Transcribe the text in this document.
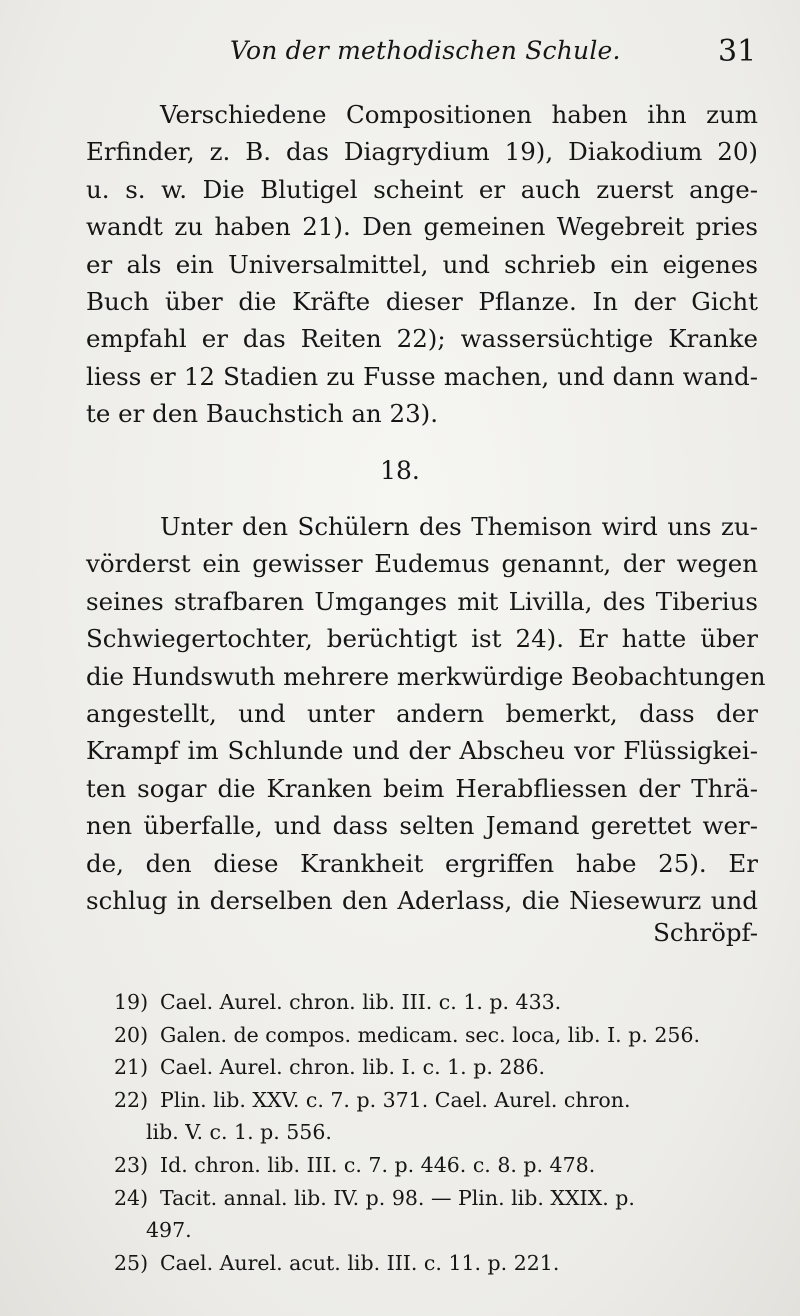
Von der methodischen Schule.	31
Verschiedene Compositionen haben ihn zum
Erfinder, z. B. das Diagrydium 19), Diakodium 20)
u. s. w. Die Blutigel scheint er auch zuerst ange-
wandt zu haben 21). Den gemeinen Wegebreit pries
er als ein Universalmittel, und schrieb ein eigenes
Buch über die Kräfte dieser Pflanze. In der Gicht
empfahl er das Reiten 22); wassersüchtige Kranke
liess er 12 Stadien zu Fusse machen, und dann wand-
te er den Bauchstich an 23).
18.
Unter den Schülern des Themison wird uns zu-
vörderst ein gewisser Eudemus genannt, der wegen
seines strafbaren Umganges mit Livilla, des Tiberius
Schwiegertochter, berüchtigt ist 24). Er hatte über
die Hundswuth mehrere merkwürdige Beobachtungen
angestellt, und unter andern bemerkt, dass der
Krampf im Schlunde und der Abscheu vor Flüssigkei-
ten sogar die Kranken beim Herabfliessen der Thrä-
nen überfalle, und dass selten Jemand gerettet wer-
de, den diese Krankheit ergriffen habe 25). Er
schlug in derselben den Aderlass, die Niesewurz und
Schröpf-
19) Cael. Aurel. chron. lib. III. c. 1. p. 433.
20) Galen. de compos. medicam. sec. loca, lib. I. p. 256.
21) Cael. Aurel. chron. lib. I. c. 1. p. 286.
22) Plin. lib. XXV. c. 7. p. 371. Cael. Aurel. chron.
lib. V. c. 1. p. 556.
23) Id. chron. lib. III. c. 7. p. 446. c. 8. p. 478.
24) Tacit. annal. lib. IV. p. 98. — Plin. lib. XXIX. p.
497.
25) Cael. Aurel. acut. lib. III. c. 11. p. 221.
